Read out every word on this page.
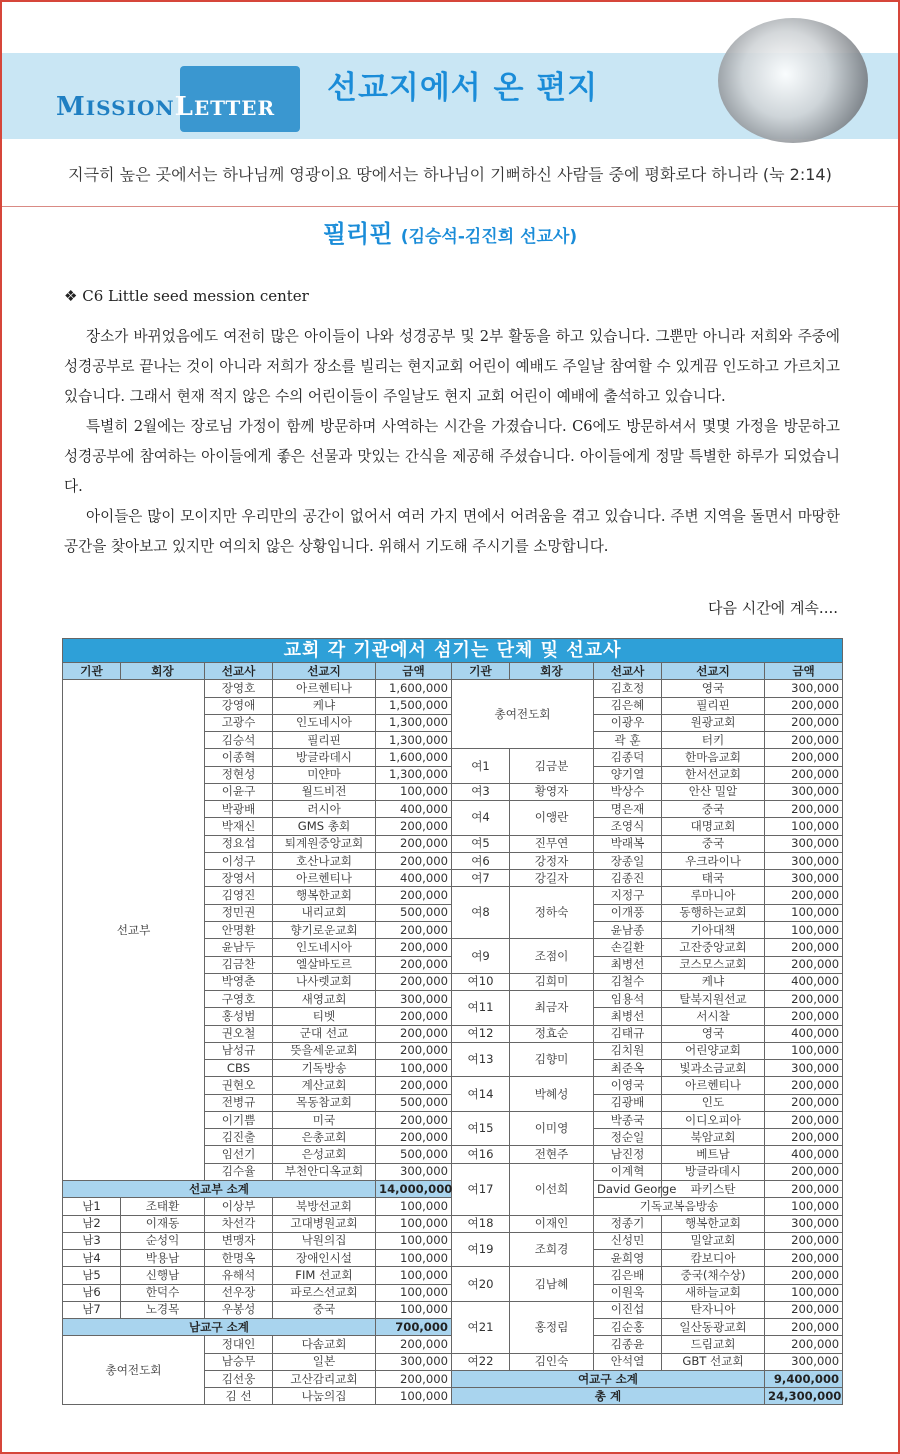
MISSIONLETTER
선교지에서 온 편지
지극히 높은 곳에서는 하나님께 영광이요 땅에서는 하나님이 기뻐하신 사람들 중에 평화로다 하니라 (눅 2:14)
필리핀 (김승석-김진희 선교사)
❖ C6 Little seed mession center

장소가 바뀌었음에도 여전히 많은 아이들이 나와 성경공부 및 2부 활동을 하고 있습니다. 그뿐만 아니라 저희와 주중에 성경공부로 끝나는 것이 아니라 저희가 장소를 빌리는 현지교회 어린이 예배도 주일날 참여할 수 있게끔 인도하고 가르치고 있습니다. 그래서 현재 적지 않은 수의 어린이들이 주일날도 현지 교회 어린이 예배에 출석하고 있습니다.

특별히 2월에는 장로님 가정이 함께 방문하며 사역하는 시간을 가졌습니다. C6에도 방문하셔서 몇몇 가정을 방문하고 성경공부에 참여하는 아이들에게 좋은 선물과 맛있는 간식을 제공해 주셨습니다. 아이들에게 정말 특별한 하루가 되었습니다.

아이들은 많이 모이지만 우리만의 공간이 없어서 여러 가지 면에서 어려움을 겪고 있습니다. 주변 지역을 돌면서 마땅한 공간을 찾아보고 있지만 여의치 않은 상황입니다. 위해서 기도해 주시기를 소망합니다.

다음 시간에 계속....
교회 각 기관에서 섬기는 단체 및 선교사									
기관	회장	선교사	선교지	금액	기관	회장	선교사	선교지	금액
선교부		장영호	아르헨티나	1,600,000	총여전도회		김호정	영국	300,000
		강영애	케냐	1,500,000			김은혜	필리핀	200,000
		고광수	인도네시아	1,300,000			이광우	원광교회	200,000
		김승석	필리핀	1,300,000			곽 훈	터키	200,000
		이종혁	방글라데시	1,600,000	여1	김금분	김종덕	한마음교회	200,000
		정현성	미얀마	1,300,000			양기열	한서선교회	200,000
		이윤구	월드비전	100,000	여3	황영자	박상수	안산 밀알	300,000
		박광배	러시아	400,000	여4	이앵란	명은재	중국	200,000
		박재신	GMS 총회	200,000			조영식	대명교회	100,000
		정요섭	퇴계원중앙교회	200,000	여5	진무연	박래복	중국	300,000
		이성구	호산나교회	200,000	여6	강정자	장종일	우크라이나	300,000
		장영서	아르헨티나	400,000	여7	강길자	김종진	태국	300,000
		김영진	행복한교회	200,000	여8	정하숙	지정구	루마니아	200,000
		정민권	내리교회	500,000			이개풍	동행하는교회	100,000
		안명환	향기로운교회	200,000			윤남종	기아대책	100,000
		윤남두	인도네시아	200,000	여9	조점이	손길환	고잔중앙교회	200,000
		김금찬	엘살바도르	200,000			최병선	코스모스교회	200,000
		박영춘	나사렛교회	200,000	여10	김희미	김철수	케냐	400,000
		구영호	새영교회	300,000	여11	최금자	임용석	탈북지원선교	200,000
		홍성범	티벳	200,000			최병선	서시찰	200,000
		권오철	군대 선교	200,000	여12	정효순	김태규	영국	400,000
		남성규	뜻을세운교회	200,000	여13	김향미	김치원	어린양교회	100,000
		CBS	기독방송	100,000			최준옥	빛과소금교회	300,000
		권현오	계산교회	200,000	여14	박혜성	이영국	아르헨티나	200,000
		전병규	목동참교회	500,000			김광배	인도	200,000
		이기쁨	미국	200,000	여15	이미영	박종국	이디오피아	200,000
		김진출	은총교회	200,000			정순일	북암교회	200,000
		임선기	은성교회	500,000	여16	전현주	남진정	베트남	400,000
		김수율	부천안디옥교회	300,000	여17	이선희	이계혁	방글라데시	200,000
선교부 소계				14,000,000			David George	파키스탄	200,000
남1	조태환	이상부	북방선교회	100,000			기독교복음방송		100,000
남2	이재동	차선각	고대병원교회	100,000	여18	이재인	정종기	행복한교회	300,000
남3	순성익	변맹자	낙원의집	100,000	여19	조희경	신성민	밀알교회	200,000
남4	박용남	한명옥	장애인시설	100,000			윤희영	캄보디아	200,000
남5	신행남	유해석	FIM 선교회	100,000	여20	김남혜	김은배	중국(채수상)	200,000
남6	한덕수	선우장	파로스선교회	100,000			이원욱	새하늘교회	100,000
남7	노경목	우봉성	중국	100,000	여21	홍정림	이진섭	탄자니아	200,000
남교구 소계				700,000			김순홍	일산동광교회	200,000
총여전도회		정대인	다솜교회	200,000			김종윤	드림교회	200,000
		남승무	일본	300,000	여22	김인숙	안석열	GBT 선교회	300,000
		김선웅	고산감리교회	200,000	여교구 소계				9,400,000
		김 선	나눔의집	100,000	총 계				24,300,000
